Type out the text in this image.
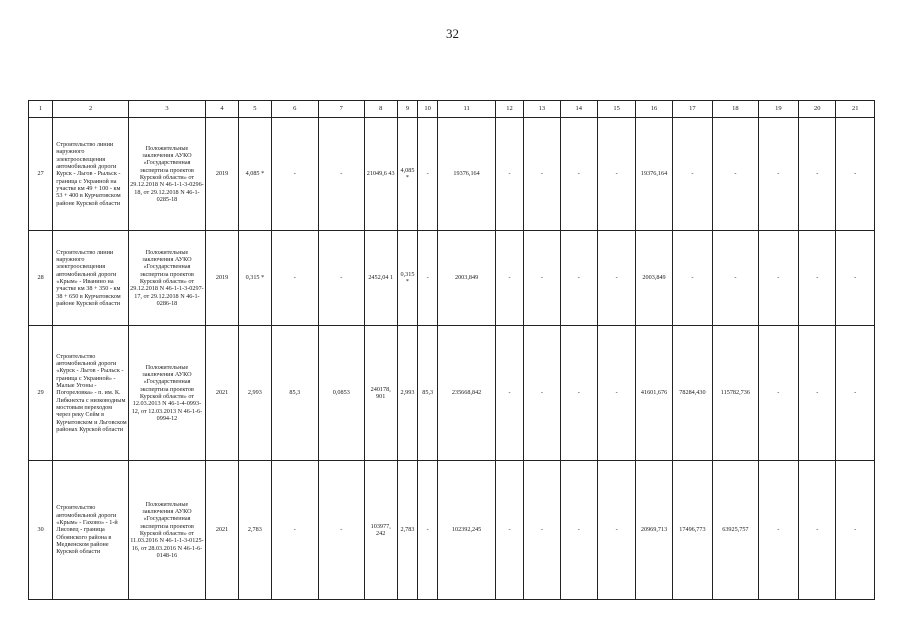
32
1	2	3	4	5	6	7	8	9	10	11	12	13	14	15	16	17	18	19	20	21
27	Строительство линии наружного электроосвещения автомобильной дороги Курск - Льгов - Рыльск - граница с Украиной на участке км 49 + 100 - км 53 + 400 в Курчатовском районе Курской области	Положительные заключения АУКО «Государственная экспертиза проектов Курской области» от 29.12.2018 N 46-1-1-3-0296-18, от 29.12.2018 N 46-1-0285-18	2019	4,085 *	-	-	21049,6 43	4,085 *	-	19376,164	-	-	-	-	19376,164	-	-	-	-	-
28	Строительство линии наружного электроосвещения автомобильной дороги «Крым» - Иванино на участке км 38 + 350 - км 38 + 650 в Курчатовском районе Курской области	Положительные заключения АУКО «Государственная экспертиза проектов Курской области» от 29.12.2018 N 46-1-1-3-0297-17, от 29.12.2018 N 46-1-0286-18	2019	0,315 *	-	-	2452,04 1	0,315 *	-	2003,849	-	-	-	-	2003,849	-	-	-	-	-
29	Строительство автомобильной дороги «Курск - Льгов - Рыльск - граница с Украиной» - Малые Угоны - Погореловка» - п. им. К. Либкнехта с низководным мостовым переходом через реку Сейм в Курчатовском и Льговском районах Курской области	Положительные заключения АУКО «Государственная экспертиза проектов Курской области» от 12.03.2013 N 46-1-4-0993-12, от 12.03.2013 N 46-1-6-0994-12	2021	2,993	85,3	0,0853	240178, 901	2,993	85,3	235668,842	-	-	-	-	41601,676	78284,430	115782,736	-	-	-
30	Строительство автомобильной дороги «Крым» - Гахово» - 1-й Лисовец - граница Обоянского района в Медвенском районе Курской области	Положительные заключения АУКО «Государственная экспертиза проектов Курской области» от 11.03.2016 N 46-1-1-3-0125-16, от 28.03.2016 N 46-1-6-0148-16	2021	2,783	-	-	103977, 242	2,783	-	102392,245	-	-	-	-	20969,713	17496,773	63925,757	-	-	-
